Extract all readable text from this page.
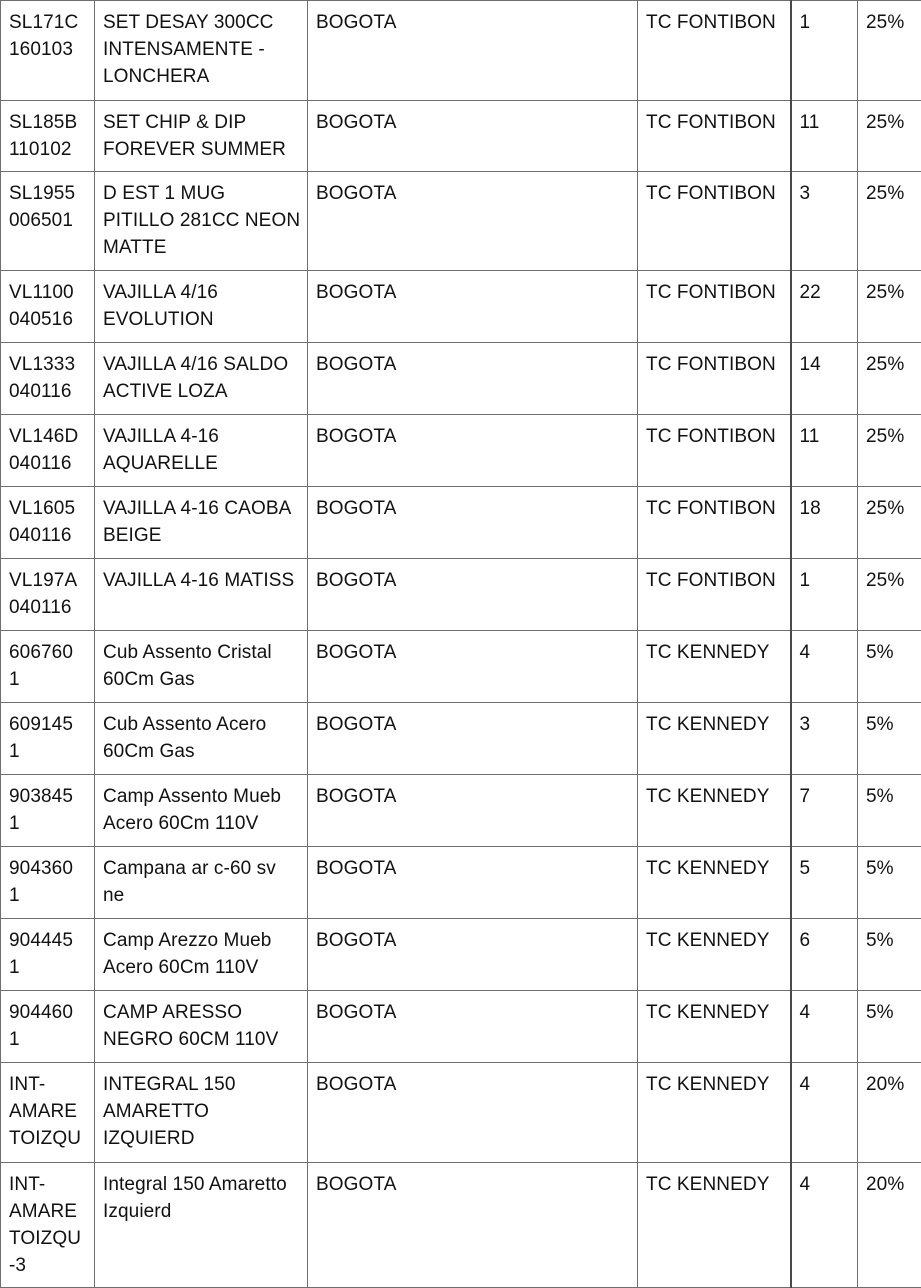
SL171C 160103	SET DESAY 300CC INTENSAMENTE - LONCHERA	BOGOTA	TC FONTIBON	1	25%
SL185B 110102	SET CHIP & DIP FOREVER SUMMER	BOGOTA	TC FONTIBON	11	25%
SL1955 006501	D EST 1 MUG PITILLO 281CC NEON MATTE	BOGOTA	TC FONTIBON	3	25%
VL1100 040516	VAJILLA 4/16 EVOLUTION	BOGOTA	TC FONTIBON	22	25%
VL1333 040116	VAJILLA 4/16 SALDO ACTIVE LOZA	BOGOTA	TC FONTIBON	14	25%
VL146D 040116	VAJILLA 4-16 AQUARELLE	BOGOTA	TC FONTIBON	11	25%
VL1605 040116	VAJILLA 4-16 CAOBA BEIGE	BOGOTA	TC FONTIBON	18	25%
VL197A 040116	VAJILLA 4-16 MATISS	BOGOTA	TC FONTIBON	1	25%
606760 1	Cub Assento Cristal 60Cm Gas	BOGOTA	TC KENNEDY	4	5%
609145 1	Cub Assento Acero 60Cm Gas	BOGOTA	TC KENNEDY	3	5%
903845 1	Camp Assento Mueb Acero 60Cm 110V	BOGOTA	TC KENNEDY	7	5%
904360 1	Campana ar c-60 sv ne	BOGOTA	TC KENNEDY	5	5%
904445 1	Camp Arezzo Mueb Acero 60Cm 110V	BOGOTA	TC KENNEDY	6	5%
904460 1	CAMP ARESSO NEGRO 60CM 110V	BOGOTA	TC KENNEDY	4	5%
INT-AMARE TOIZQU	INTEGRAL 150 AMARETTO IZQUIERD	BOGOTA	TC KENNEDY	4	20%
INT-AMARE TOIZQU -3	Integral 150 Amaretto Izquierd	BOGOTA	TC KENNEDY	4	20%
